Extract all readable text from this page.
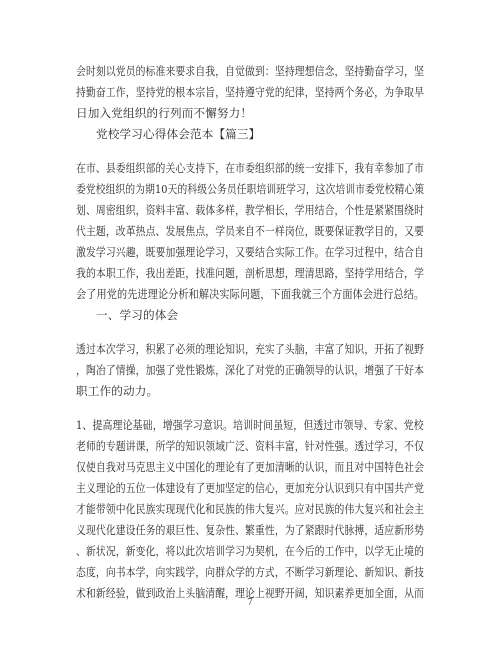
会时刻以党员的标准来要求自我，自觉做到：坚持理想信念，坚持勤奋学习，坚
持勤奋工作，坚持党的根本宗旨，坚持遵守党的纪律，坚持两个务必，为争取早
日加入党组织的行列而不懈努力！
党校学习心得体会范本【篇三】
在市、县委组织部的关心支持下，在市委组织部的统一安排下，我有幸参加了市
委党校组织的为期10天的科级公务员任职培训班学习，这次培训市委党校精心策
划、周密组织，资料丰富、载体多样，教学相长，学用结合，个性是紧紧围绕时
代主题，改革热点、发展焦点，学员来自不一样岗位，既要保证教学目的，又要
激发学习兴趣，既要加强理论学习，又要结合实际工作。在学习过程中，结合自
我的本职工作，我出差距，找准问题，剖析思想，理清思路，坚持学用结合，学
会了用党的先进理论分析和解决实际问题，下面我就三个方面体会进行总结。
一、学习的体会
透过本次学习，积累了必须的理论知识，充实了头脑，丰富了知识，开拓了视野
，陶冶了情操，加强了党性锻炼，深化了对党的正确领导的认识，增强了干好本
职工作的动力。
1、提高理论基础，增强学习意识。培训时间虽短，但透过市领导、专家、党校
老师的专题讲课，所学的知识领域广泛、资料丰富，针对性强。透过学习，不仅
仅使自我对马克思主义中国化的理论有了更加清晰的认识，而且对中国特色社会
主义理论的五位一体建设有了更加坚定的信心，更加充分认识到只有中国共产党
才能带领中化民族实现现代化和民族的伟大复兴。应对民族的伟大复兴和社会主
义现代化建设任务的艰巨性、复杂性、繁重性，为了紧跟时代脉搏，适应新形势
、新状况，新变化，将以此次培训学习为契机，在今后的工作中，以学无止境的
态度，向书本学，向实践学，向群众学的方式，不断学习新理论、新知识、新技
术和新经验，做到政治上头脑清醒，理论上视野开阔，知识素养更加全面，从而
7
